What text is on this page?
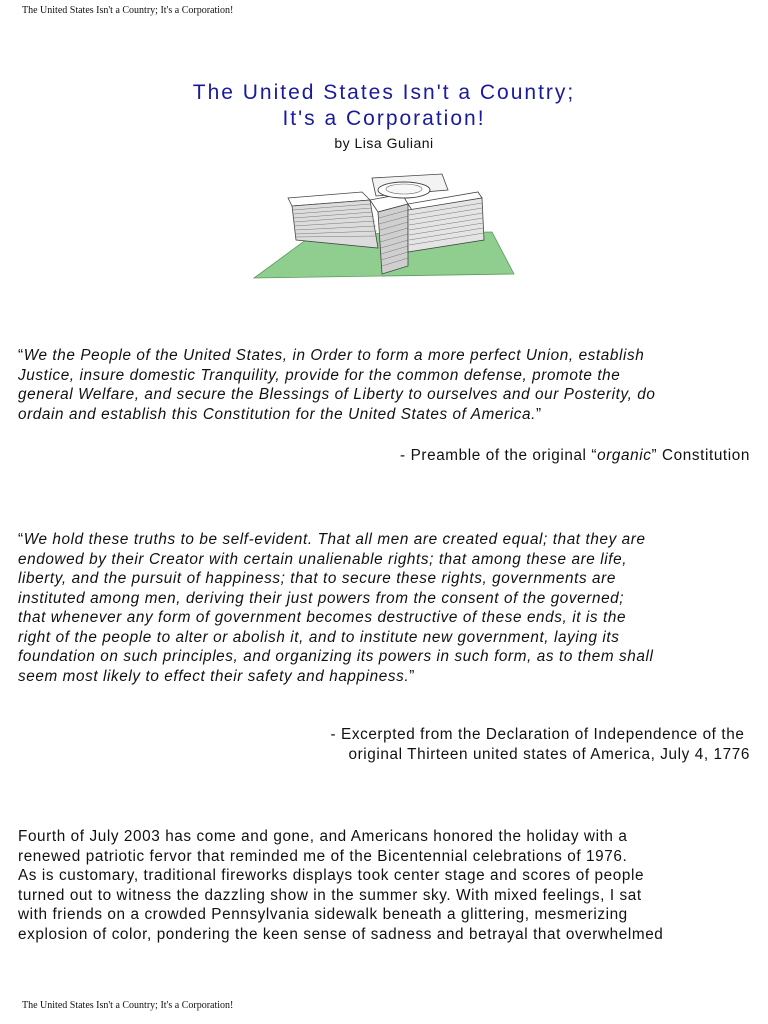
The United States Isn't a Country; It's a Corporation!
The United States Isn't a Country;
It's a Corporation!
by Lisa Guliani
“We the People of the United States, in Order to form a more perfect Union, establish
Justice, insure domestic Tranquility, provide for the common defense, promote the
general Welfare, and secure the Blessings of Liberty to ourselves and our Posterity, do
ordain and establish this Constitution for the United States of America.”
- Preamble of the original “organic” Constitution
“We hold these truths to be self-evident. That all men are created equal; that they are
endowed by their Creator with certain unalienable rights; that among these are life,
liberty, and the pursuit of happiness; that to secure these rights, governments are
instituted among men, deriving their just powers from the consent of the governed;
that whenever any form of government becomes destructive of these ends, it is the
right of the people to alter or abolish it, and to institute new government, laying its
foundation on such principles, and organizing its powers in such form, as to them shall
seem most likely to effect their safety and happiness.”
- Excerpted from the Declaration of Independence of the
original Thirteen united states of America, July 4, 1776
Fourth of July 2003 has come and gone, and Americans honored the holiday with a
renewed patriotic fervor that reminded me of the Bicentennial celebrations of 1976.
As is customary, traditional fireworks displays took center stage and scores of people
turned out to witness the dazzling show in the summer sky. With mixed feelings, I sat
with friends on a crowded Pennsylvania sidewalk beneath a glittering, mesmerizing
explosion of color, pondering the keen sense of sadness and betrayal that overwhelmed
The United States Isn't a Country; It's a Corporation!
